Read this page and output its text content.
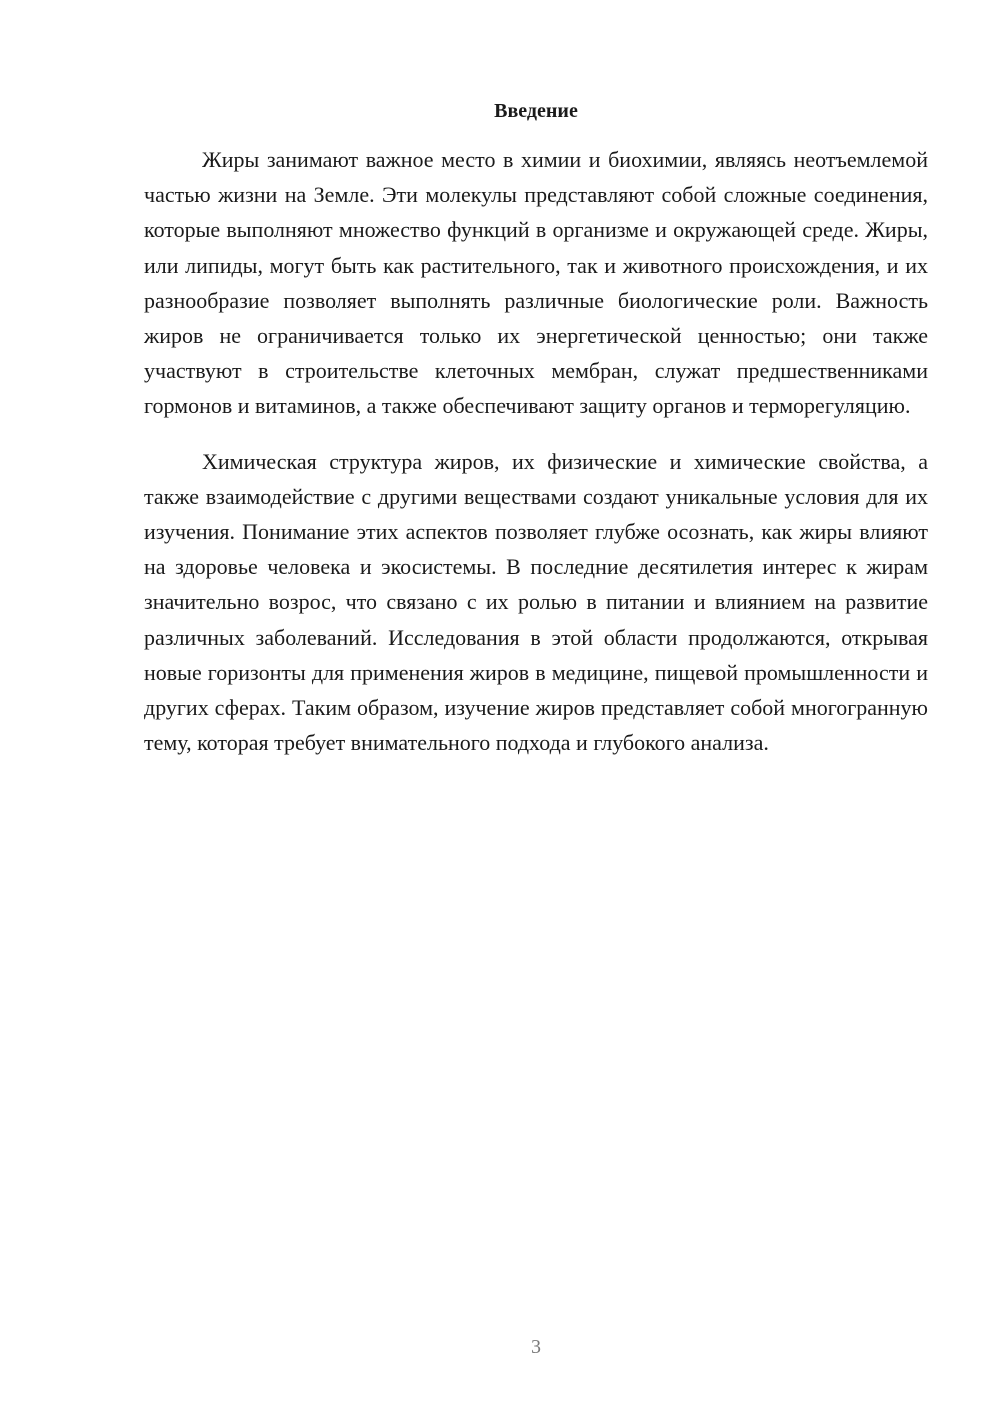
Введение

Жиры занимают важное место в химии и биохимии, являясь неотъемлемой частью жизни на Земле. Эти молекулы представляют собой сложные соединения, которые выполняют множество функций в организме и окружающей среде. Жиры, или липиды, могут быть как растительного, так и животного происхождения, и их разнообразие позволяет выполнять различные биологические роли. Важность жиров не ограничивается только их энергетической ценностью; они также участвуют в строительстве клеточных мембран, служат предшественниками гормонов и витаминов, а также обеспечивают защиту органов и терморегуляцию.

Химическая структура жиров, их физические и химические свойства, а также взаимодействие с другими веществами создают уникальные условия для их изучения. Понимание этих аспектов позволяет глубже осознать, как жиры влияют на здоровье человека и экосистемы. В последние десятилетия интерес к жирам значительно возрос, что связано с их ролью в питании и влиянием на развитие различных заболеваний. Исследования в этой области продолжаются, открывая новые горизонты для применения жиров в медицине, пищевой промышленности и других сферах. Таким образом, изучение жиров представляет собой многогранную тему, которая требует внимательного подхода и глубокого анализа.

3
